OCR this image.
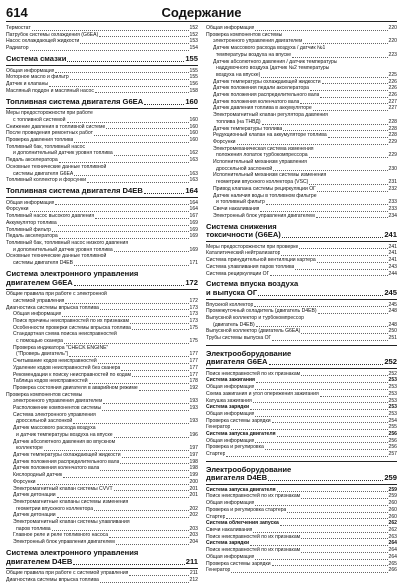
614	Содержание
Термостат	152
Патрубок системы охлаждения (G6EA)	152
Насос охлаждающей жидкости	153
Радиатор	154
Система смазки	155
Общая информация	155
Моторное масло и фильтр	155
Датчик и клапаны	156
Масляный поддон и масляный насос	158
Топливная система двигателя G6EA	160
Меры предосторожности при работе
с топливной системой	160
Снижение давления в топливной системе	160
После проведения ремонтных работ	160
Проверка давления топлива	160
Топливный бак, топливный насос
и дополнительный датчик уровня топлива	162
Педаль акселератора	163
Основные технические данные топливной
системы двигателя G6EA	163
Топливный коллектор и форсунки	163
Топливная система двигателя D4EB	164
Общая информация	164
Форсунки	164
Топливный насос высокого давления	167
Аккумулятор топлива	169
Топливный фильтр	169
Педаль акселератора	169
Топливный бак, топливный насос низкого давления
и дополнительный датчик уровня топлива	169
Основные технические данные топливной
системы двигателя D4EB	171
Система электронного управления
двигателем G6EA	172
Общие правила при работе с электронной
системой управления	172
Диагностика системы впрыска топлива	173
Общая информация	173
Поиск причины неисправностей по их признакам	173
Особенности проверки системы впрыска топлива	175
Стандартная схема поиска неисправностей
с помощью сканера	175
Проверка индикатора "CHECK ENGINE"
("Проверь двигатель")	177
Считывание кодов неисправностей	177
Удаление кодов неисправностей без сканера	177
Рекомендации к поиску неисправностей по кодам	177
Таблица кодов неисправностей	178
Проверка состояния двигателя в аварийном режиме	192
Проверка компонентов системы
электронного управления двигателем	193
Расположение компонентов системы	193
Система электронного управления
дроссельной заслонкой	193
Датчик массового расхода воздуха
и датчик температуры воздуха на впуске	196
Датчик абсолютного давления во впускном
коллекторе	197
Датчик температуры охлаждающей жидкости	197
Датчик положения распределительного вала	198
Датчик положения коленчатого вала	198
Кислородный датчик	199
Форсунки	200
Электромагнитный клапан системы CVVT	201
Датчик детонации	201
Электромагнитные клапаны системы изменения
геометрии впускного коллектора	202
Датчик детонации	202
Электромагнитный клапан системы улавливания
паров топлива	203
Главное реле и реле топливного насоса	203
Электронный блок управления двигателем	204
Система электронного управления
двигателем D4EB	211
Общие правила при работе с системой управления	211
Диагностика системы впрыска топлива	212
Общая информация	220
Проверка компонентов системы
электронного управления двигателем	220
Датчик массового расхода воздуха / датчик №1
температуры воздуха на впуске	223
Датчик абсолютного давления / датчик температуры
наддувочного воздуха (датчик №2 температуры
воздуха на впуске)	225
Датчик температуры охлаждающей жидкости	226
Датчик положения педали акселератора	226
Датчик положения распределительного вала	226
Датчик положения коленчатого вала	227
Датчик давления топлива в аккумуляторе	227
Электромагнитный клапан регулятора давления
топлива (на ТНВД)	228
Датчик температуры топлива	228
Редукционный клапан на аккумуляторе топлива	228
Форсунки	229
Электромеханическая система изменения
положения лопаток турбокомпрессора	229
Исполнительный механизм управления
дроссельной заслонкой	230
Исполнительный механизм системы изменения
геометрии впускного коллектора (VSC)	231
Привод клапана системы рециркуляции ОГ	232
Датчик наличия воды в топливном фильтре
и топливный фильтр	233
Свечи накаливания	233
Электронный блок управления двигателем	234
Система снижения
токсичности (G6EA)	241
Меры предосторожности при проверке	241
Каталитический нейтрализатор	241
Система принудительной вентиляции картера	241
Система улавливания паров топлива	243
Система рециркуляции ОГ	244
Система впуска воздуха
и выпуска ОГ	245
Впускной коллектор	245
Промежуточный охладитель (двигатель D4EB)	248
Выпускной коллектор и турбокомпрессор
(двигатель D4EB)	248
Выпускной коллектор (двигатель G6EA)	250
Трубы системы выпуска ОГ	251
Электрооборудование
двигателя G6EA	252
Поиск неисправностей по их признакам	252
Система зажигания	253
Общая информация	253
Схема зажигания и угол опережения зажигания	253
Катушка зажигания	253
Система зарядки	253
Общая информация	253
Проверка системы зарядки	254
Генератор	255
Система запуска двигателя	256
Общая информация	256
Проверка и регулировка	256
Стартер	257
Электрооборудование
двигателя D4EB	259
Система запуска двигателя	259
Поиск неисправностей по их признакам	259
Общая информация	260
Проверка и регулировка стартера	260
Стартер	260
Система облегчения запуска	262
Свечи накаливания	262
Поиск неисправностей по их признакам	263
Система зарядки	264
Поиск неисправностей по их признакам	264
Общая информация	264
Проверка системы зарядки	265
Генератор	266
